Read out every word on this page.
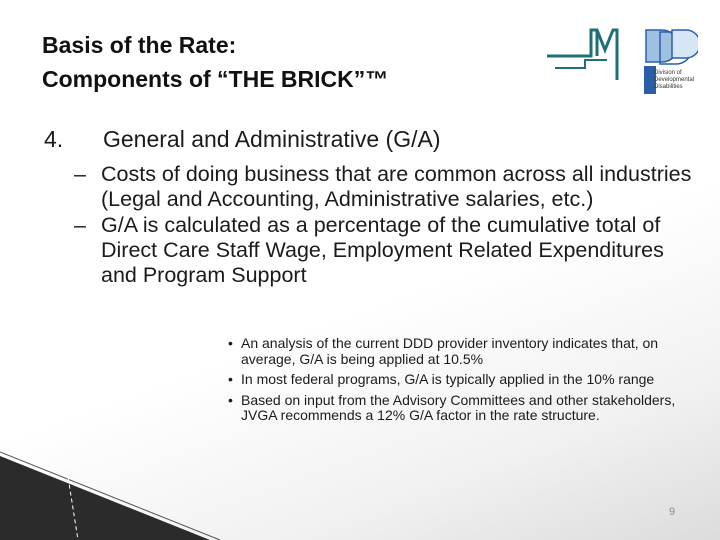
Basis of the Rate:
Components of “THE BRICK”™	Division of Developmental Disabilities
4. General and Administrative (G/A)
– Costs of doing business that are common across all industries (Legal and Accounting, Administrative salaries, etc.)
– G/A is calculated as a percentage of the cumulative total of Direct Care Staff Wage, Employment Related Expenditures and Program Support
• An analysis of the current DDD provider inventory indicates that, on average, G/A is being applied at 10.5%
• In most federal programs, G/A is typically applied in the 10% range
• Based on input from the Advisory Committees and other stakeholders, JVGA recommends a 12% G/A factor in the rate structure.
9
